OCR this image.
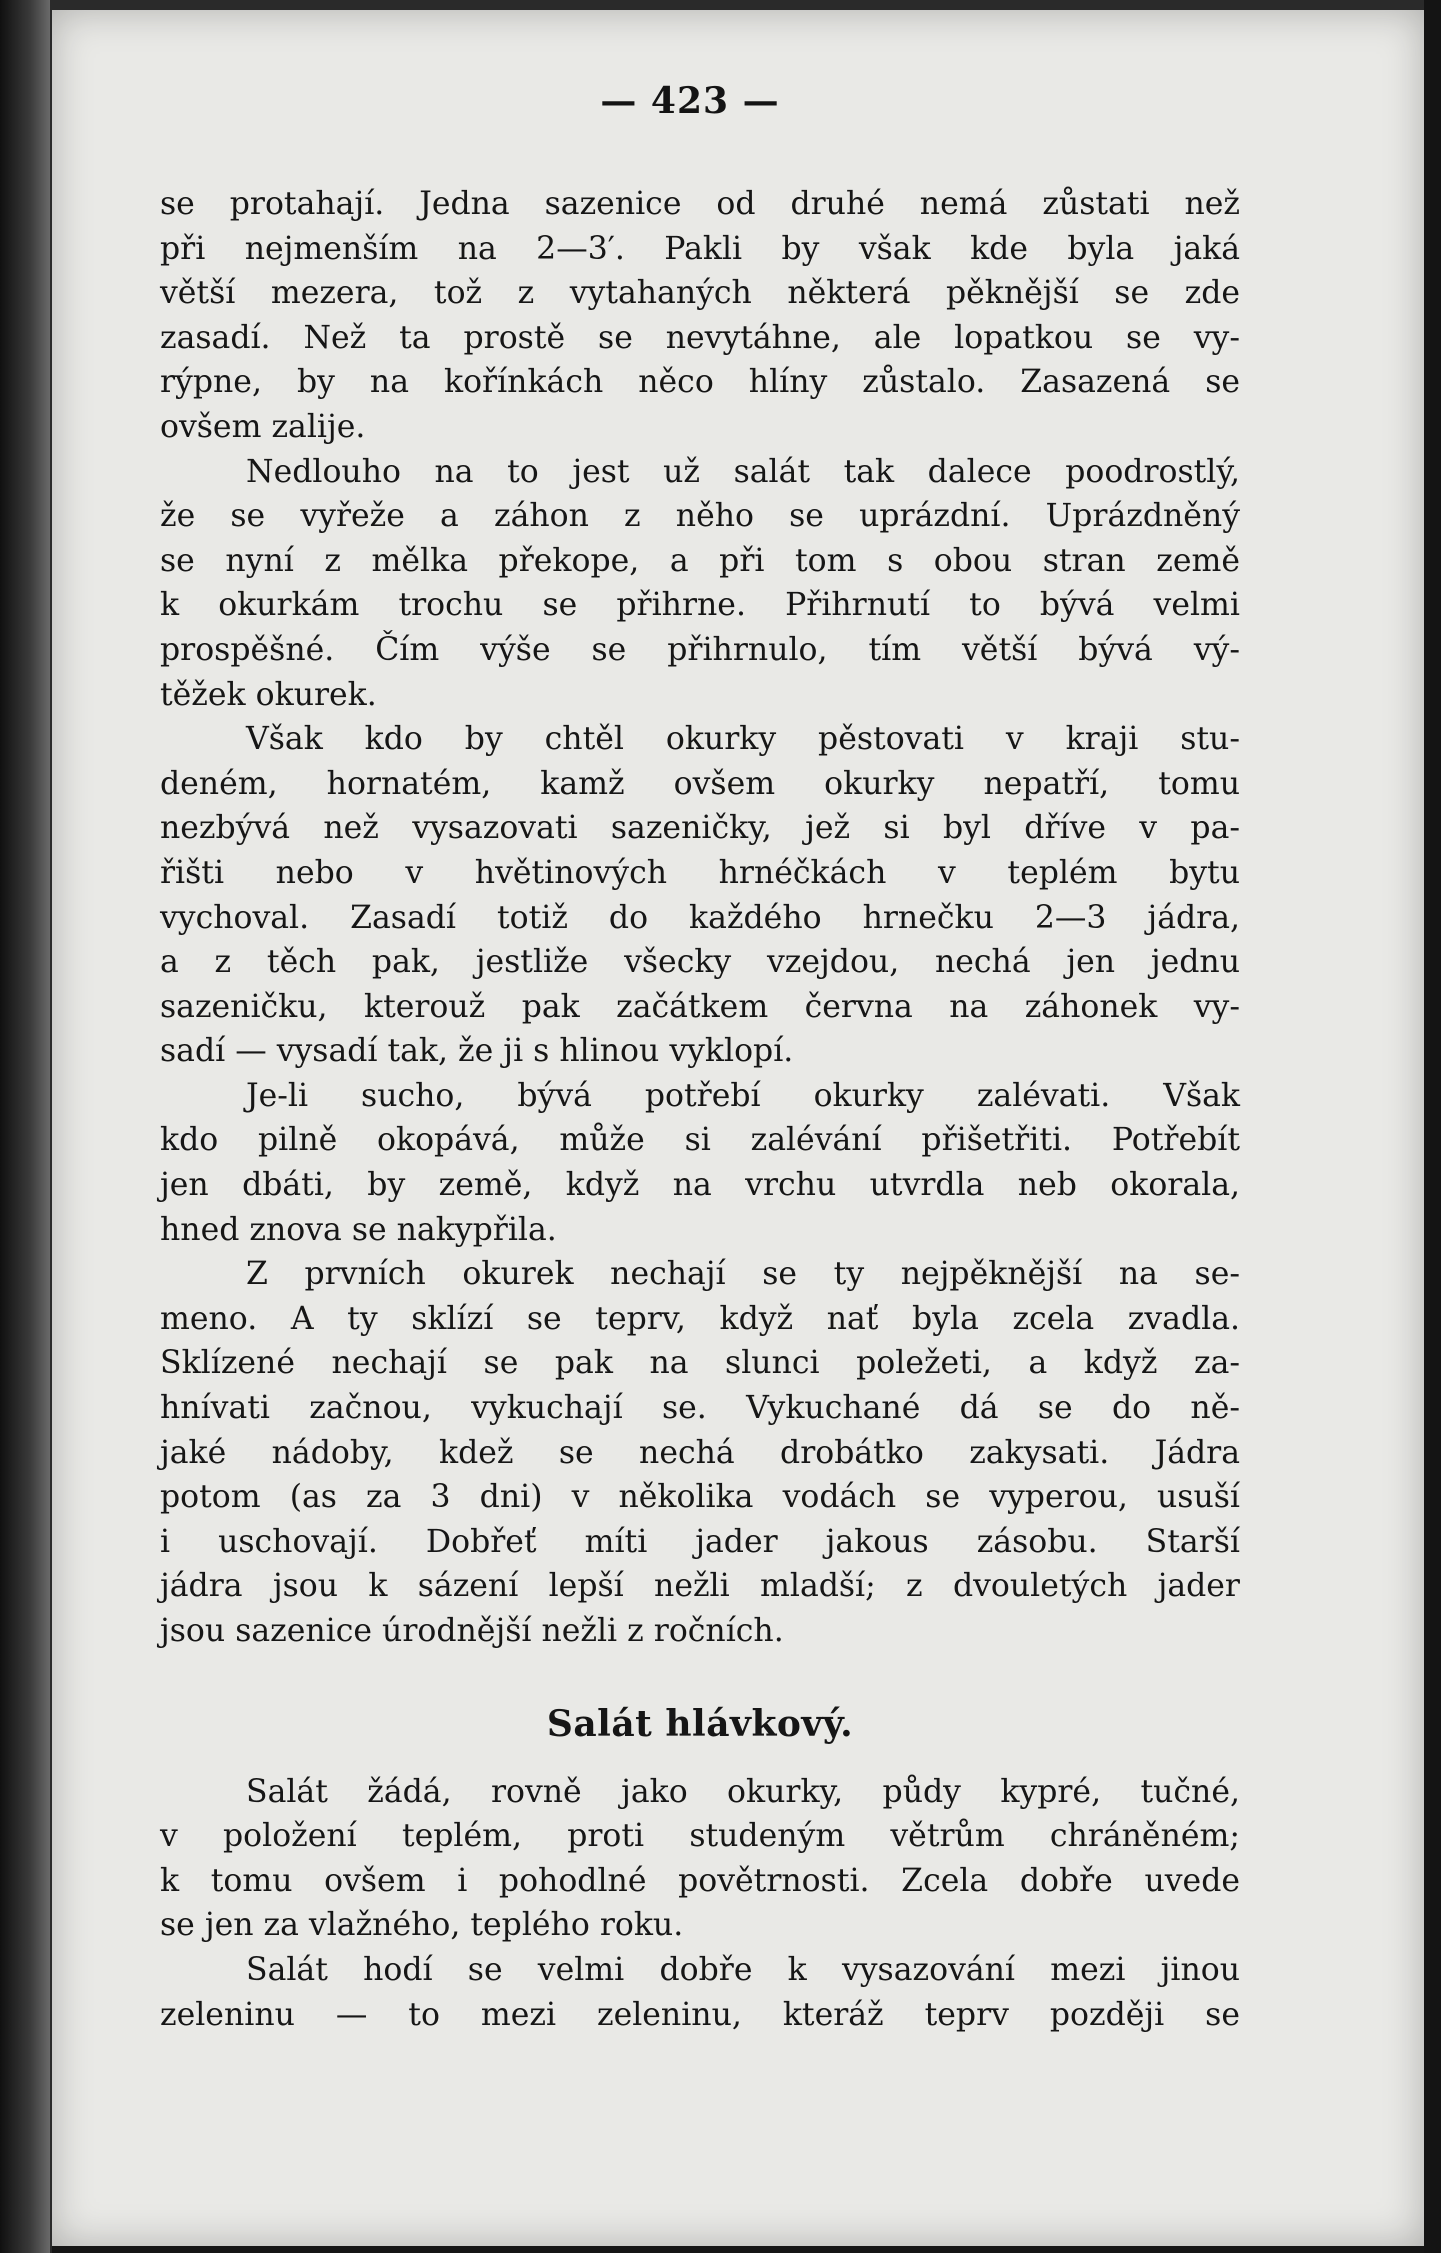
— 423 —

se protahají. Jedna sazenice od druhé nemá zůstati než
při nejmenším na 2—3′. Pakli by však kde byla jaká
větší mezera, tož z vytahaných některá pěknější se zde
zasadí. Než ta prostě se nevytáhne, ale lopatkou se vy-
rýpne, by na kořínkách něco hlíny zůstalo. Zasazená se
ovšem zalije.

Nedlouho na to jest už salát tak dalece poodrostlý,
že se vyřeže a záhon z něho se uprázdní. Uprázdněný
se nyní z mělka překope, a při tom s obou stran země
k okurkám trochu se přihrne. Přihrnutí to bývá velmi
prospěšné. Čím výše se přihrnulo, tím větší bývá vý-
těžek okurek.

Však kdo by chtěl okurky pěstovati v kraji stu-
deném, hornatém, kamž ovšem okurky nepatří, tomu
nezbývá než vysazovati sazeničky, jež si byl dříve v pa-
řišti nebo v hvětinových hrnéčkách v teplém bytu
vychoval. Zasadí totiž do každého hrnečku 2—3 jádra,
a z těch pak, jestliže všecky vzejdou, nechá jen jednu
sazeničku, kterouž pak začátkem června na záhonek vy-
sadí — vysadí tak, že ji s hlinou vyklopí.

Je-li sucho, bývá potřebí okurky zalévati. Však
kdo pilně okopává, může si zalévání přišetřiti. Potřebít
jen dbáti, by země, když na vrchu utvrdla neb okorala,
hned znova se nakypřila.

Z prvních okurek nechají se ty nejpěknější na se-
meno. A ty sklízí se teprv, když nať byla zcela zvadla.
Sklízené nechají se pak na slunci poležeti, a když za-
hnívati začnou, vykuchají se. Vykuchané dá se do ně-
jaké nádoby, kdež se nechá drobátko zakysati. Jádra
potom (as za 3 dni) v několika vodách se vyperou, usuší
i uschovají. Dobřeť míti jader jakous zásobu. Starší
jádra jsou k sázení lepší nežli mladší; z dvouletých jader
jsou sazenice úrodnější nežli z ročních.

Salát hlávkový.

Salát žádá, rovně jako okurky, půdy kypré, tučné,
v položení teplém, proti studeným větrům chráněném;
k tomu ovšem i pohodlné povětrnosti. Zcela dobře uvede
se jen za vlažného, teplého roku.

Salát hodí se velmi dobře k vysazování mezi jinou
zeleninu — to mezi zeleninu, kteráž teprv později se
